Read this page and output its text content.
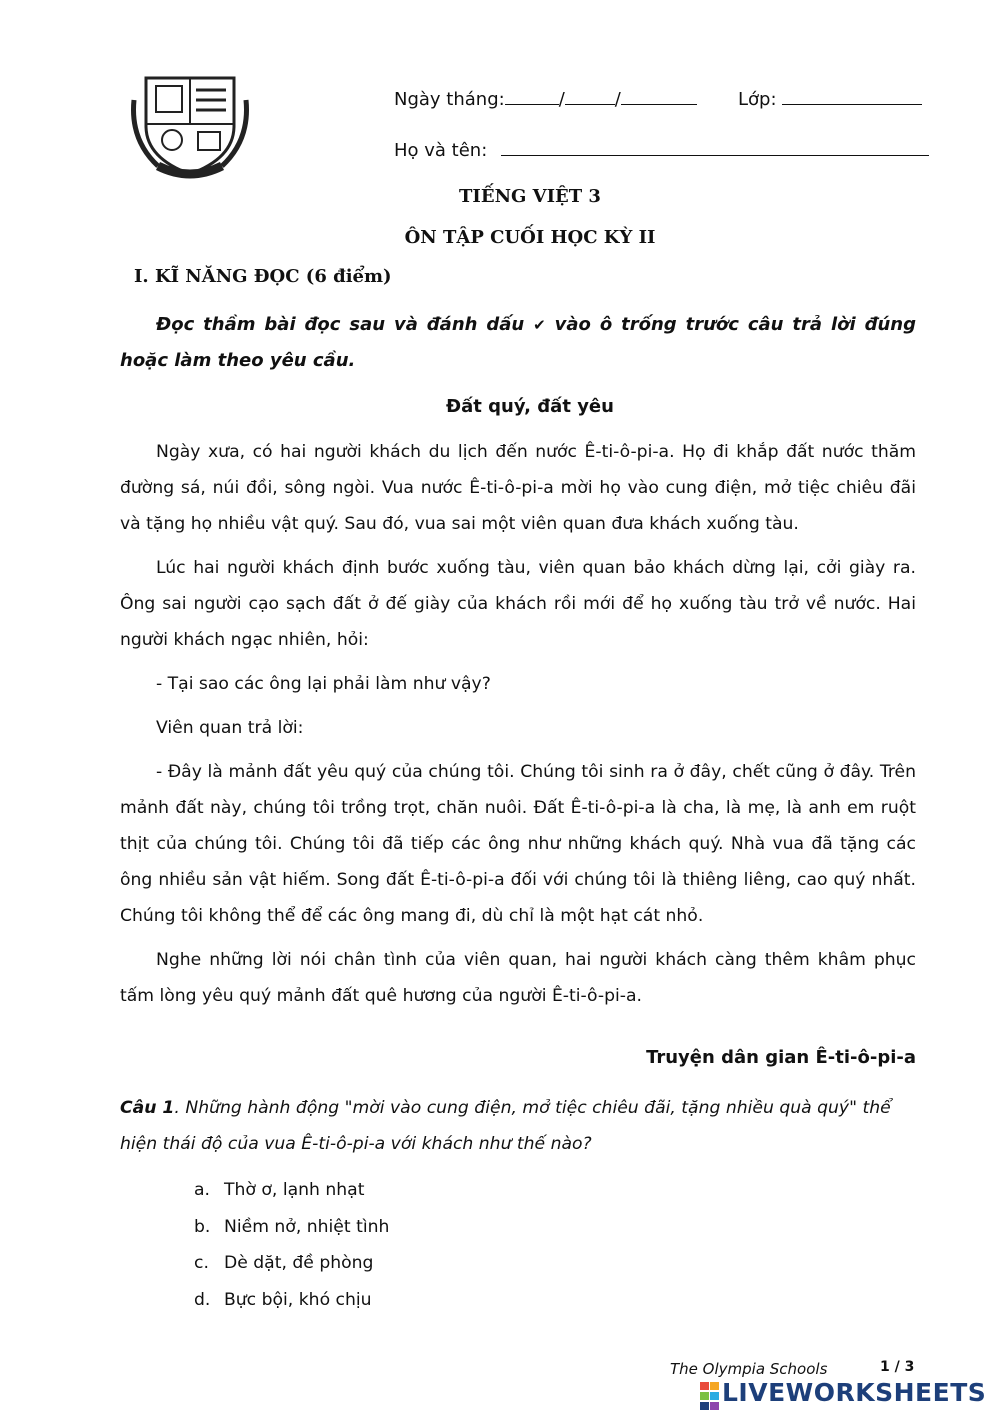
Ngày tháng:	/	/	Lớp:
Họ và tên:
TIẾNG VIỆT 3
ÔN TẬP CUỐI HỌC KỲ II
I. KĨ NĂNG ĐỌC (6 điểm)
Đọc thầm bài đọc sau và đánh dấu ✔ vào ô trống trước câu trả lời đúng hoặc làm theo yêu cầu.
Đất quý, đất yêu

Ngày xưa, có hai người khách du lịch đến nước Ê-ti-ô-pi-a. Họ đi khắp đất nước thăm đường sá, núi đồi, sông ngòi. Vua nước Ê-ti-ô-pi-a mời họ vào cung điện, mở tiệc chiêu đãi và tặng họ nhiều vật quý. Sau đó, vua sai một viên quan đưa khách xuống tàu.

Lúc hai người khách định bước xuống tàu, viên quan bảo khách dừng lại, cởi giày ra. Ông sai người cạo sạch đất ở đế giày của khách rồi mới để họ xuống tàu trở về nước. Hai người khách ngạc nhiên, hỏi:

- Tại sao các ông lại phải làm như vậy?

Viên quan trả lời:

- Đây là mảnh đất yêu quý của chúng tôi. Chúng tôi sinh ra ở đây, chết cũng ở đây. Trên mảnh đất này, chúng tôi trồng trọt, chăn nuôi. Đất Ê-ti-ô-pi-a là cha, là mẹ, là anh em ruột thịt của chúng tôi. Chúng tôi đã tiếp các ông như những khách quý. Nhà vua đã tặng các ông nhiều sản vật hiếm. Song đất Ê-ti-ô-pi-a đối với chúng tôi là thiêng liêng, cao quý nhất. Chúng tôi không thể để các ông mang đi, dù chỉ là một hạt cát nhỏ.

Nghe những lời nói chân tình của viên quan, hai người khách càng thêm khâm phục tấm lòng yêu quý mảnh đất quê hương của người Ê-ti-ô-pi-a.

Truyện dân gian Ê-ti-ô-pi-a
Câu 1. Những hành động "mời vào cung điện, mở tiệc chiêu đãi, tặng nhiều quà quý" thể hiện thái độ của vua Ê-ti-ô-pi-a với khách như thế nào?
a. Thờ ơ, lạnh nhạt
b. Niềm nở, nhiệt tình
c. Dè dặt, đề phòng
d. Bực bội, khó chịu
The Olympia Schools	1 / 3
LIVEWORKSHEETS
